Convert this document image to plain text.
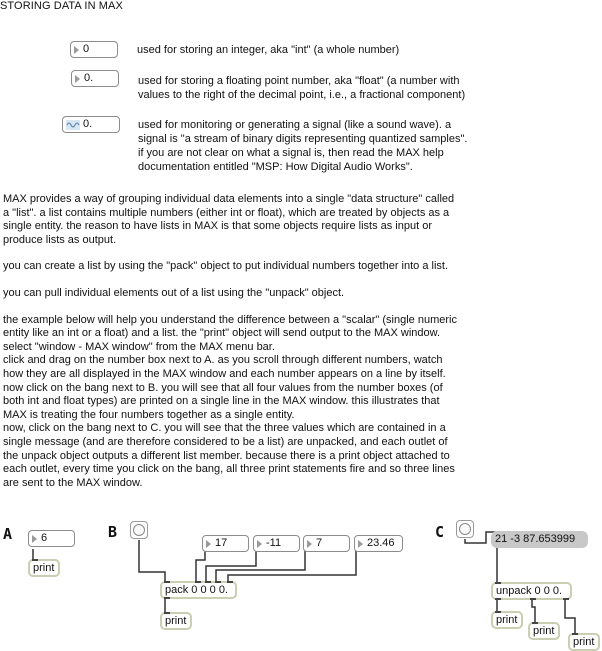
STORING DATA IN MAX
0	used for storing an integer, aka "int" (a whole number)
0.	used for storing a floating point number, aka "float" (a number with
values to the right of the decimal point, i.e., a fractional component)
0.	used for monitoring or generating a signal (like a sound wave). a
signal is "a stream of binary digits representing quantized samples".
if you are not clear on what a signal is, then read the MAX help
documentation entitled "MSP: How Digital Audio Works".
MAX provides a way of grouping individual data elements into a single "data structure" called
a "list". a list contains multiple numbers (either int or float), which are treated by objects as a
single entity. the reason to have lists in MAX is that some objects require lists as input or
produce lists as output.
you can create a list by using the "pack" object to put individual numbers together into a list.
you can pull individual elements out of a list using the "unpack" object.
the example below will help you understand the difference between a "scalar" (single numeric
entity like an int or a float) and a list. the "print" object will send output to the MAX window.
select "window - MAX window" from the MAX menu bar.
click and drag on the number box next to A. as you scroll through different numbers, watch
how they are all displayed in the MAX window and each number appears on a line by itself.
now click on the bang next to B. you will see that all four values from the number boxes (of
both int and float types) are printed on a single line in the MAX window. this illustrates that
MAX is treating the four numbers together as a single entity.
now, click on the bang next to C. you will see that the three values which are contained in a
single message (and are therefore considered to be a list) are unpacked, and each outlet of
the unpack object outputs a different list member. because there is a print object attached to
each outlet, every time you click on the bang, all three print statements fire and so three lines
are sent to the MAX window.
A	6
print
B
17	-11	7	23.46
pack 0 0 0 0.
print
C	21 -3 87.653999
unpack 0 0 0.
print
print
print
